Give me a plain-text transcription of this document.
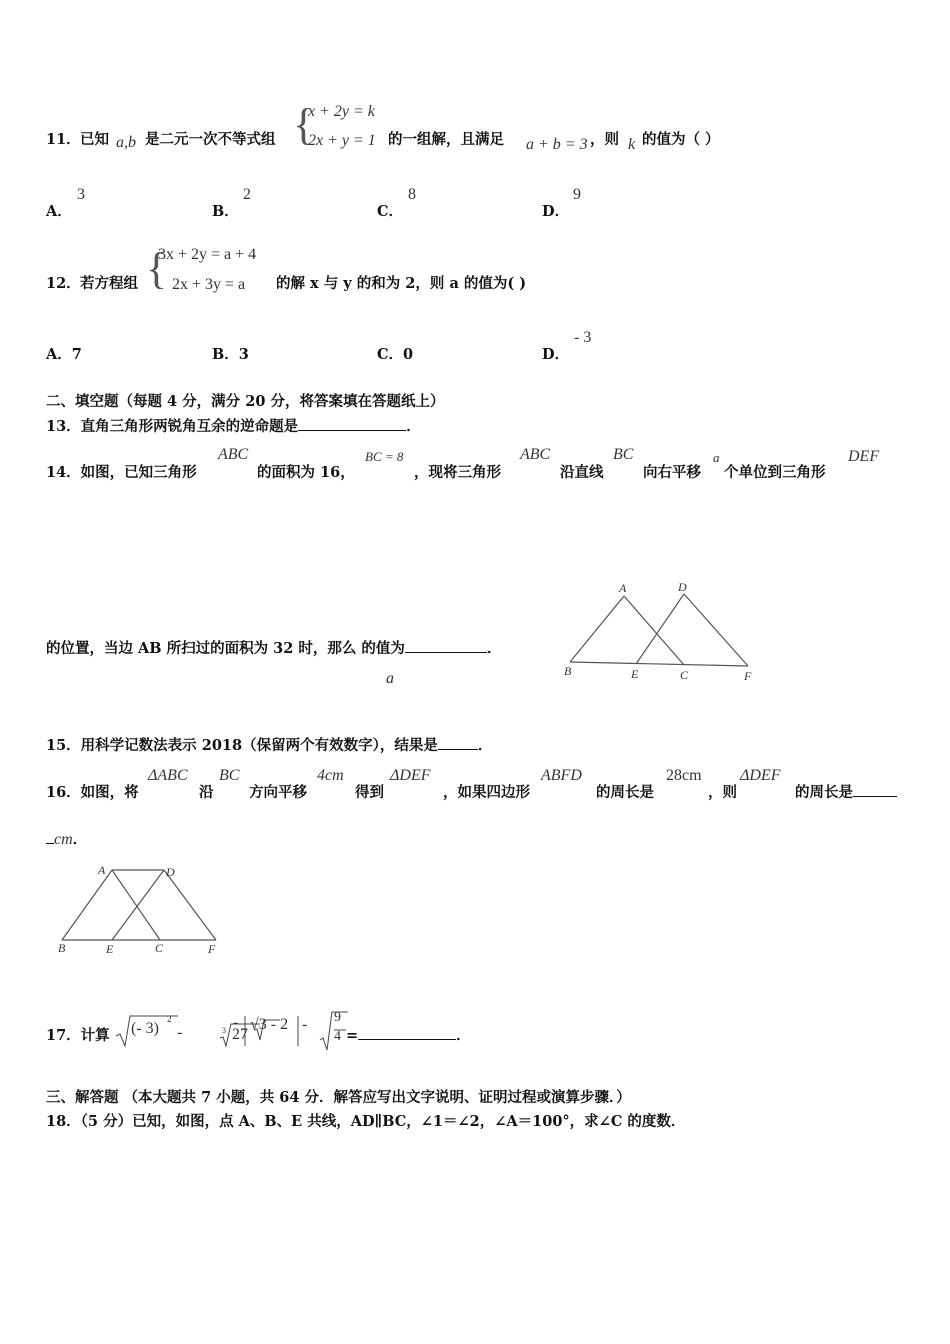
11． 已知 a,b 是二元一次不等式组 {
x + 2y = k
2x + y = 1 的一组解，且满足 a + b = 3 ，则 k 的值为（ ）
A．
3
B．
2
C．
8
D．
9
12． 若方程组 {
3x + 2y = a + 4
2x + 3y = a 的解 x 与 y 的和为 2，则 a 的值为( )
A．7	B．3	C．0	D．
- 3
二、填空题（每题 4 分，满分 20 分，将答案填在答题纸上）
13．直角三角形两锐角互余的逆命题是	．
14．如图，已知三角形
ABC
的面积为 16，
BC = 8
，现将三角形
ABC
沿直线
BC
向右平移
a
个单位到三角形
DEF
的位置，当边 AB 所扫过的面积为 32 时，那么 的值为	．
a
A	D
B	E	C	F
15．用科学记数法表示 2018（保留两个有效数字），结果是	．
16．如图，将
ΔABC
沿
BC
方向平移
4cm
得到
ΔDEF
，如果四边形
ABFD
的周长是
28cm
，则
ΔDEF
的周长是
cm．
A	D
B	E	C	F
17．计算 (- 3)
2
-	3 27
- √3 - 2 - 9
4 =	．
三、解答题 （本大题共 7 小题，共 64 分．解答应写出文字说明、证明过程或演算步骤．）
18．（5 分）已知，如图，点 A、B、E 共线，AD∥BC，∠1＝∠2，∠A＝100°，求∠C 的度数．
